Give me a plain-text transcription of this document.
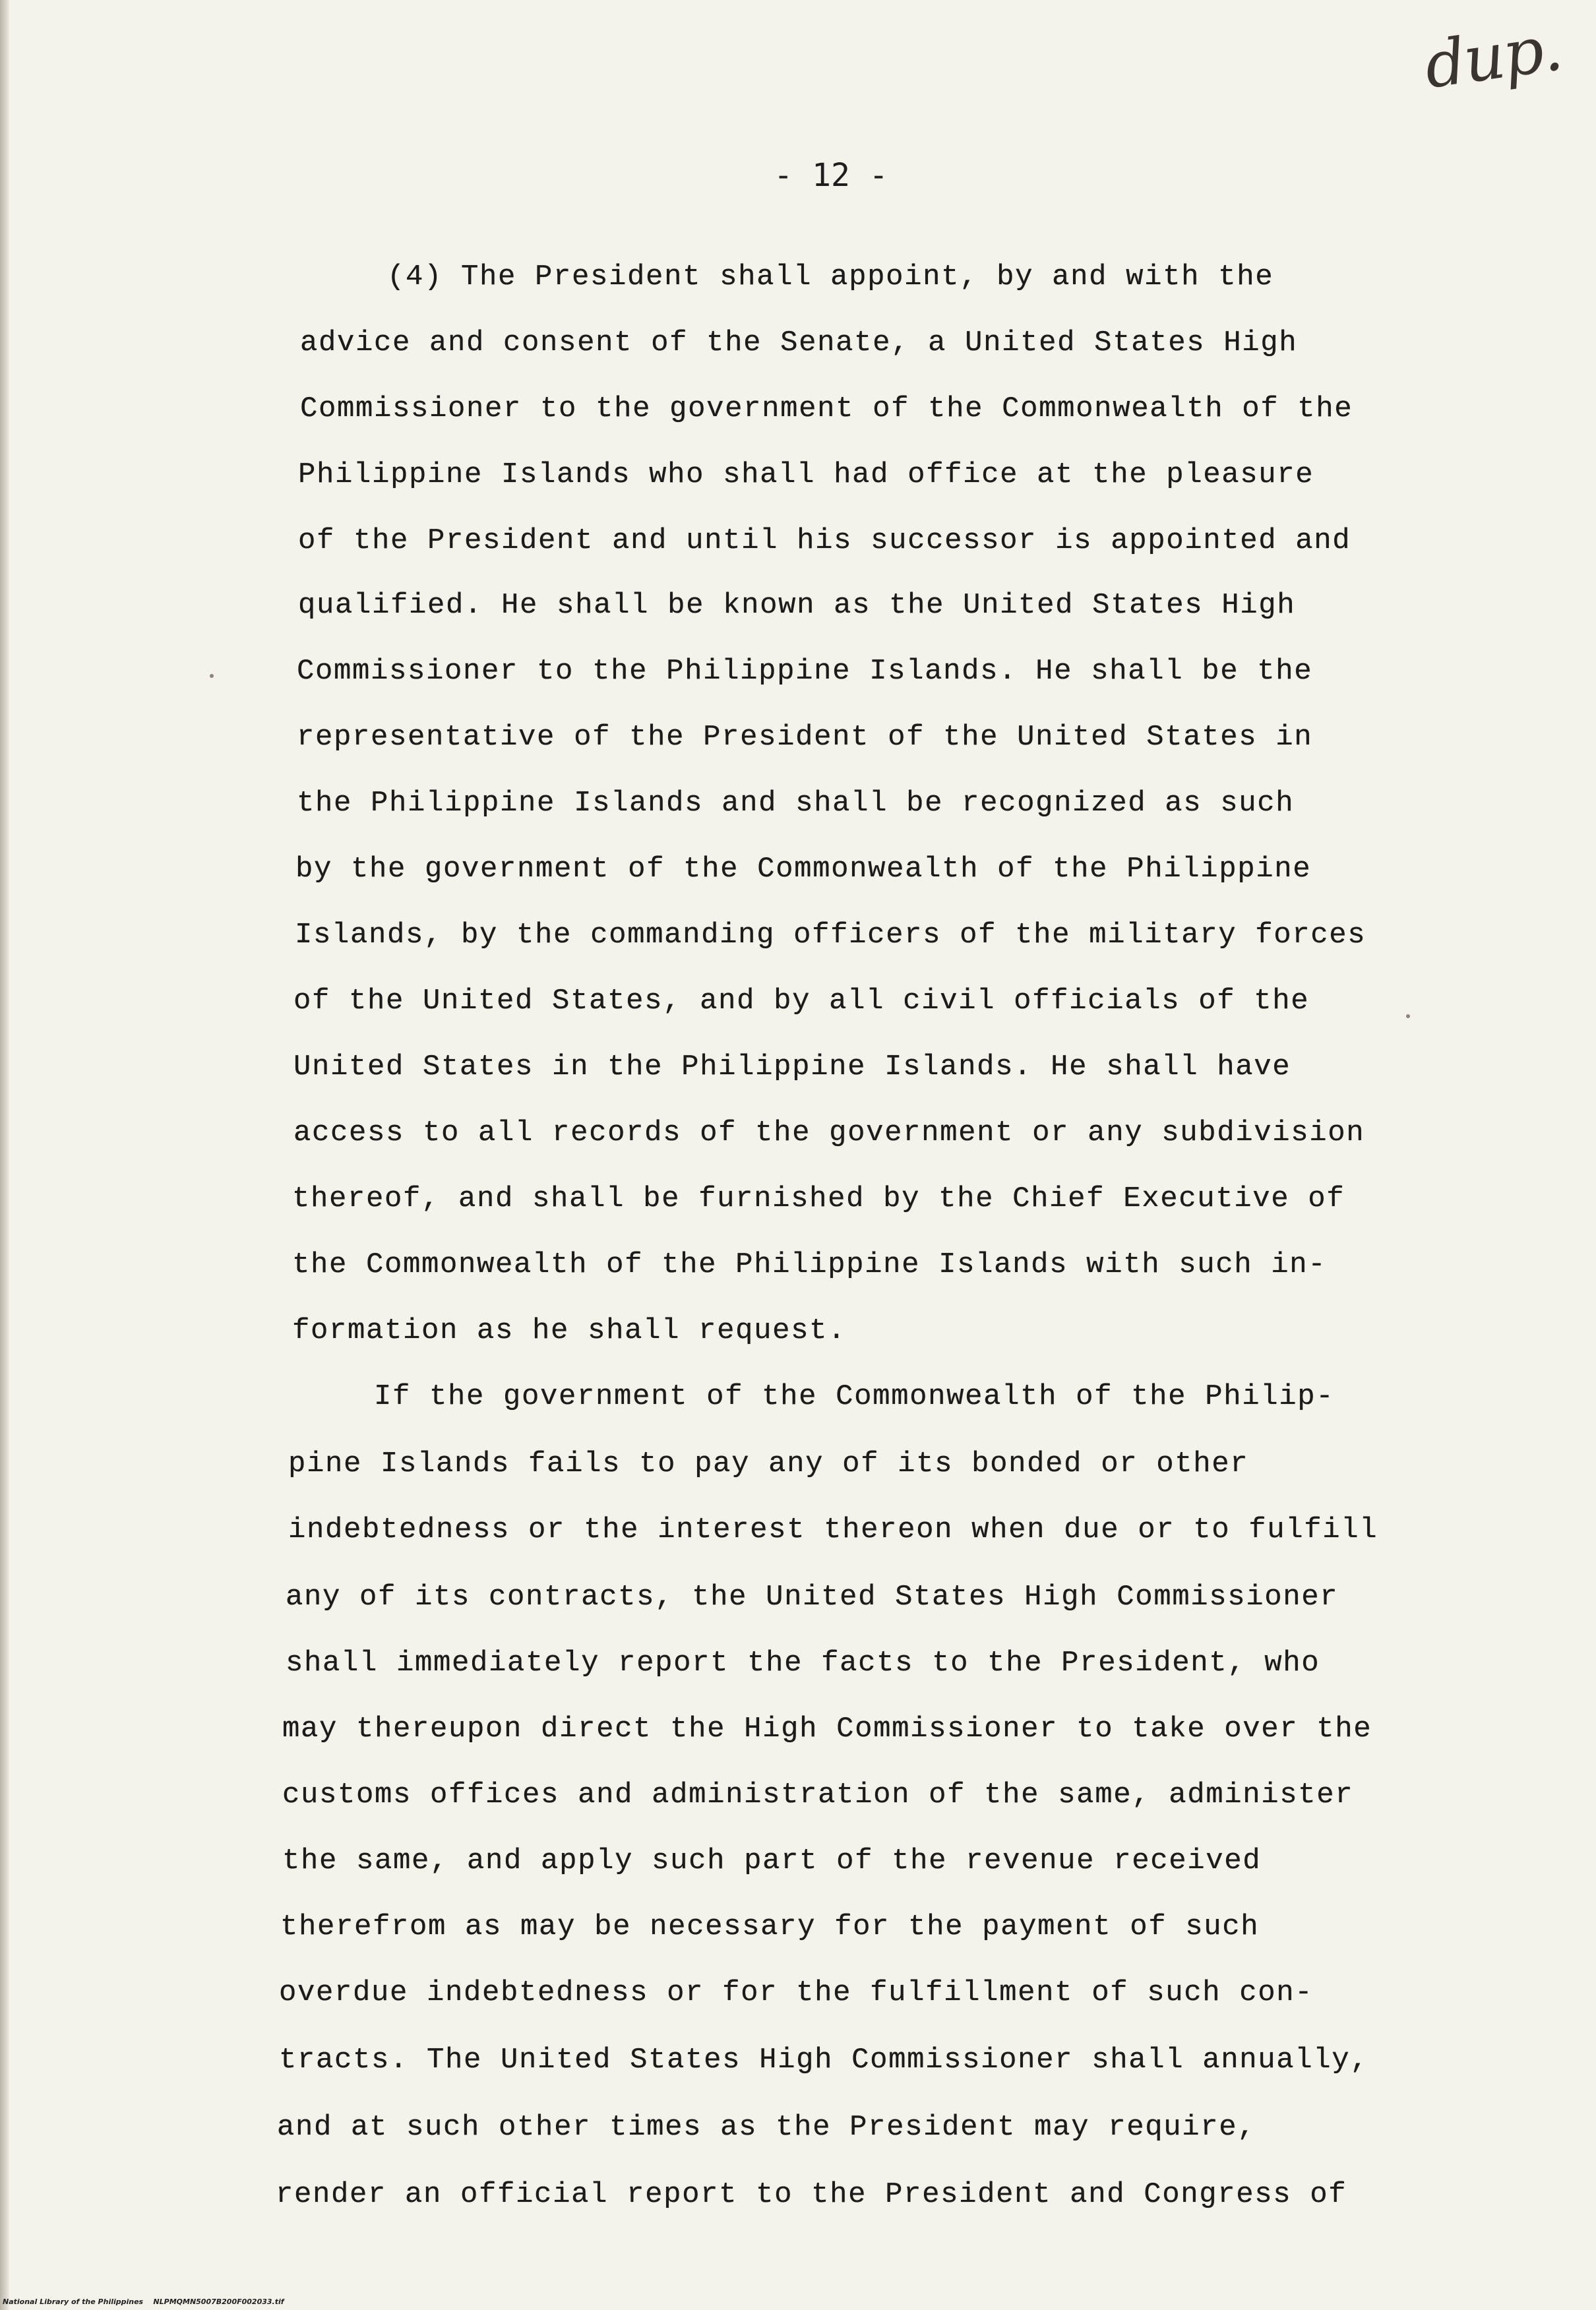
dup.
- 12 -
(4) The President shall appoint, by and with the
advice and consent of the Senate, a United States High
Commissioner to the government of the Commonwealth of the
Philippine Islands who shall had office at the pleasure
of the President and until his successor is appointed and
qualified. He shall be known as the United States High
Commissioner to the Philippine Islands. He shall be the
representative of the President of the United States in
the Philippine Islands and shall be recognized as such
by the government of the Commonwealth of the Philippine
Islands, by the commanding officers of the military forces
of the United States, and by all civil officials of the
United States in the Philippine Islands. He shall have
access to all records of the government or any subdivision
thereof, and shall be furnished by the Chief Executive of
the Commonwealth of the Philippine Islands with such in-
formation as he shall request.
If the government of the Commonwealth of the Philip-
pine Islands fails to pay any of its bonded or other
indebtedness or the interest thereon when due or to fulfill
any of its contracts, the United States High Commissioner
shall immediately report the facts to the President, who
may thereupon direct the High Commissioner to take over the
customs offices and administration of the same, administer
the same, and apply such part of the revenue received
therefrom as may be necessary for the payment of such
overdue indebtedness or for the fulfillment of such con-
tracts. The United States High Commissioner shall annually,
and at such other times as the President may require,
render an official report to the President and Congress of
National Library of the Philippines    NLPMQMN5007B200F002033.tif
